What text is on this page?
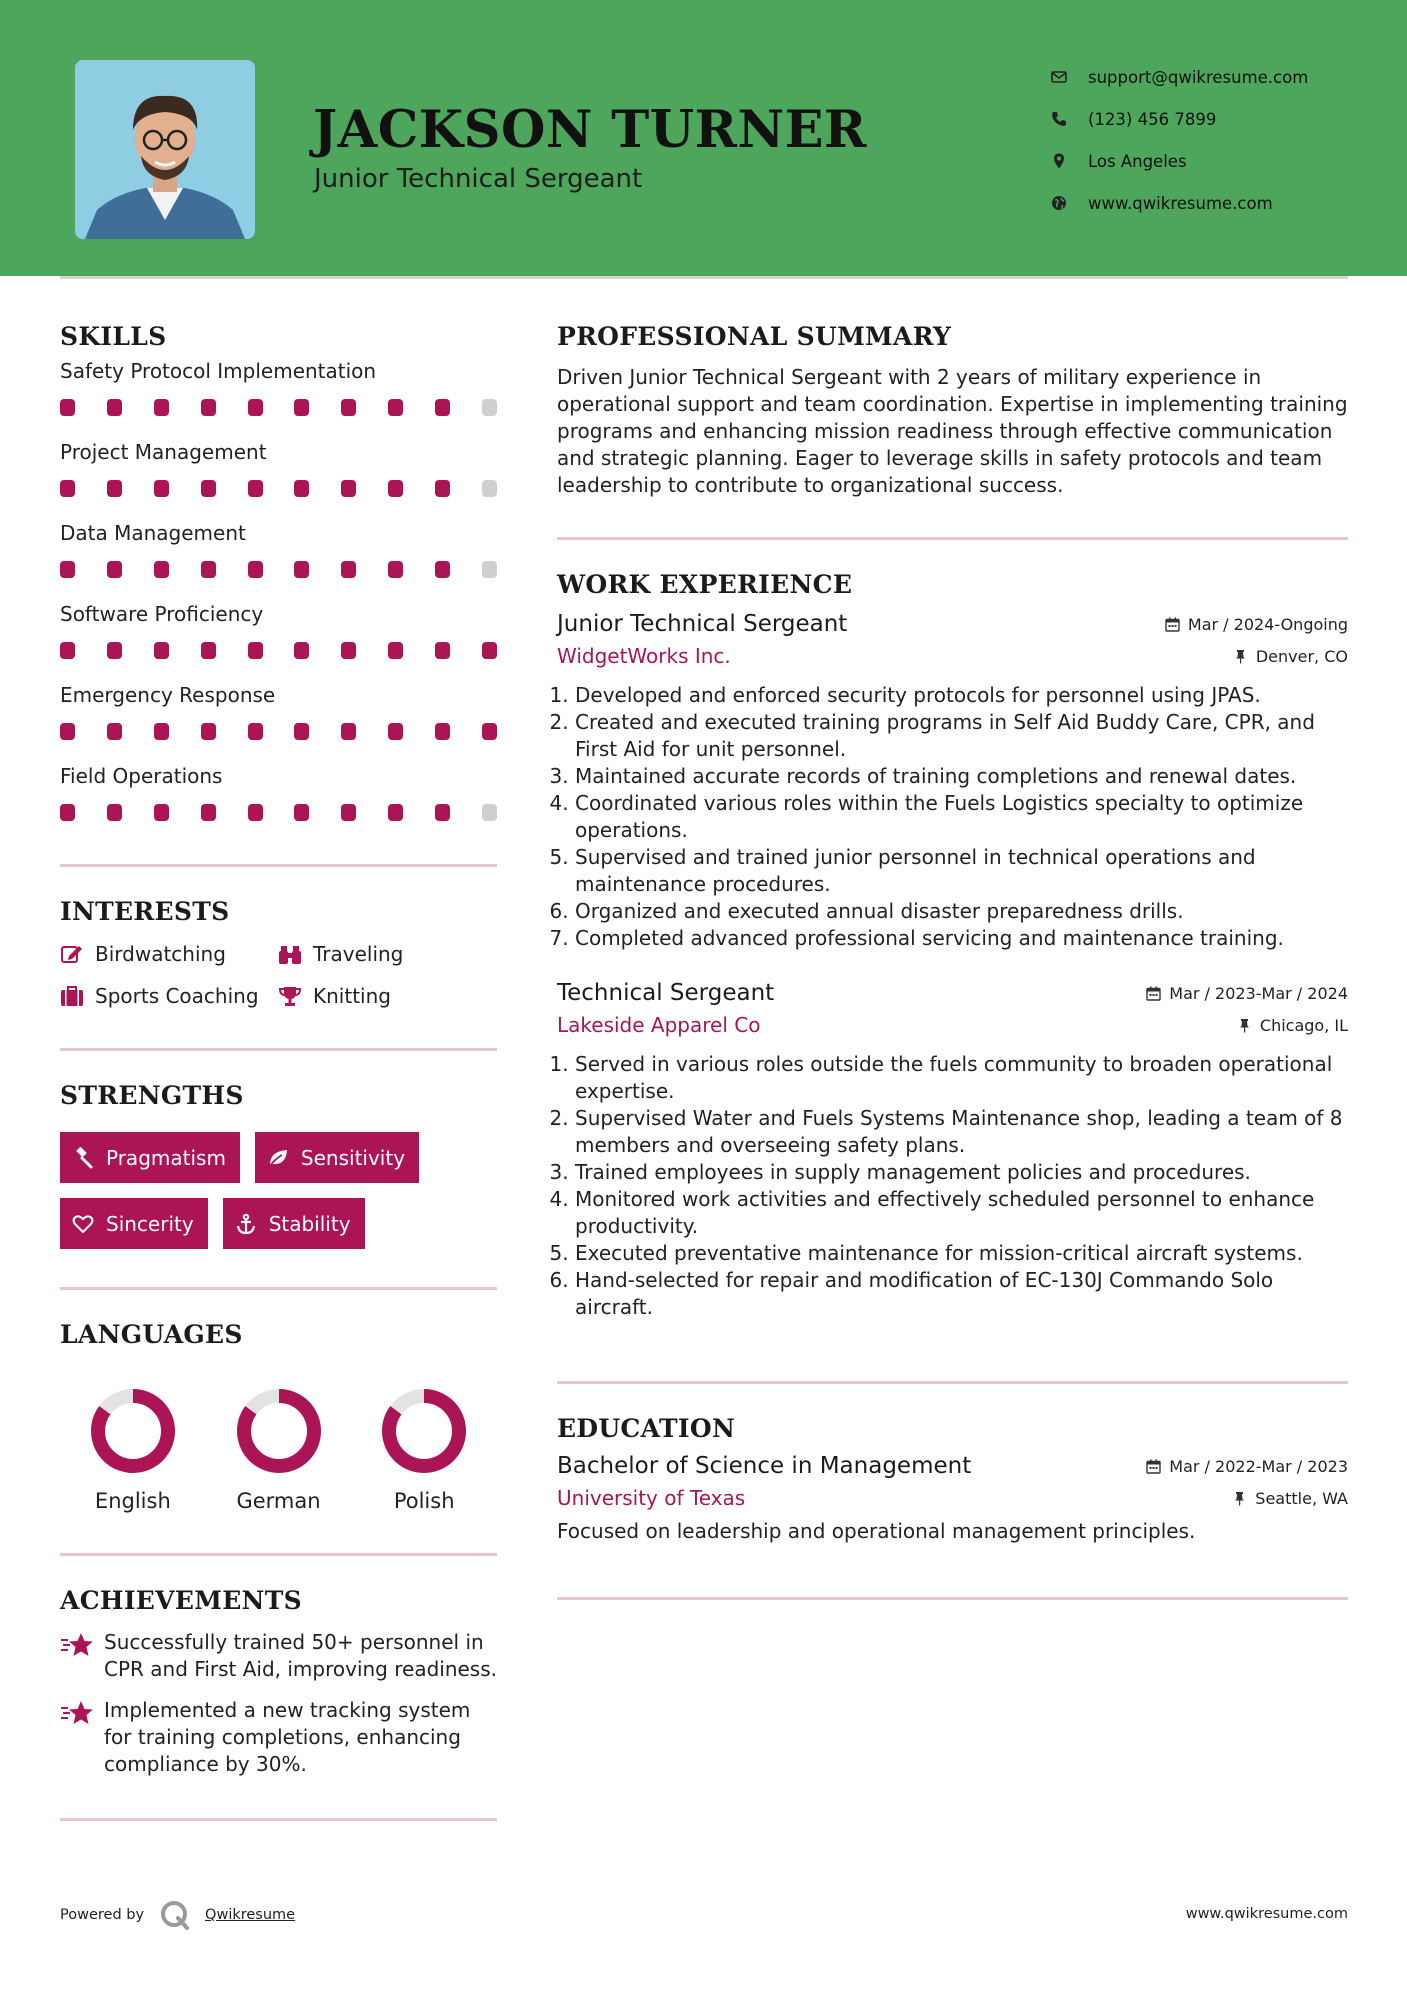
JACKSON TURNER
Junior Technical Sergeant
support@qwikresume.com
(123) 456 7899
Los Angeles
www.qwikresume.com
SKILLS
Safety Protocol Implementation
Project Management
Data Management
Software Proficiency
Emergency Response
Field Operations
INTERESTS
Birdwatching	Traveling
Sports Coaching	Knitting
STRENGTHS
Pragmatism	Sensitivity
Sincerity	Stability
LANGUAGES
English	German	Polish
ACHIEVEMENTS
Successfully trained 50+ personnel in CPR and First Aid, improving readiness.
Implemented a new tracking system for training completions, enhancing compliance by 30%.
PROFESSIONAL SUMMARY

Driven Junior Technical Sergeant with 2 years of military experience in operational support and team coordination. Expertise in implementing training programs and enhancing mission readiness through effective communication and strategic planning. Eager to leverage skills in safety protocols and team leadership to contribute to organizational success.

WORK EXPERIENCE
Junior Technical Sergeant	Mar / 2024-Ongoing
WidgetWorks Inc.	Denver, CO
1. Developed and enforced security protocols for personnel using JPAS.
2. Created and executed training programs in Self Aid Buddy Care, CPR, and First Aid for unit personnel.
3. Maintained accurate records of training completions and renewal dates.
4. Coordinated various roles within the Fuels Logistics specialty to optimize operations.
5. Supervised and trained junior personnel in technical operations and maintenance procedures.
6. Organized and executed annual disaster preparedness drills.
7. Completed advanced professional servicing and maintenance training.
Technical Sergeant	Mar / 2023-Mar / 2024
Lakeside Apparel Co	Chicago, IL
1. Served in various roles outside the fuels community to broaden operational expertise.
2. Supervised Water and Fuels Systems Maintenance shop, leading a team of 8 members and overseeing safety plans.
3. Trained employees in supply management policies and procedures.
4. Monitored work activities and effectively scheduled personnel to enhance productivity.
5. Executed preventative maintenance for mission-critical aircraft systems.
6. Hand-selected for repair and modification of EC-130J Commando Solo aircraft.
EDUCATION
Bachelor of Science in Management	Mar / 2022-Mar / 2023
University of Texas	Seattle, WA

Focused on leadership and operational management principles.

Powered by	Qwikresume	www.qwikresume.com
